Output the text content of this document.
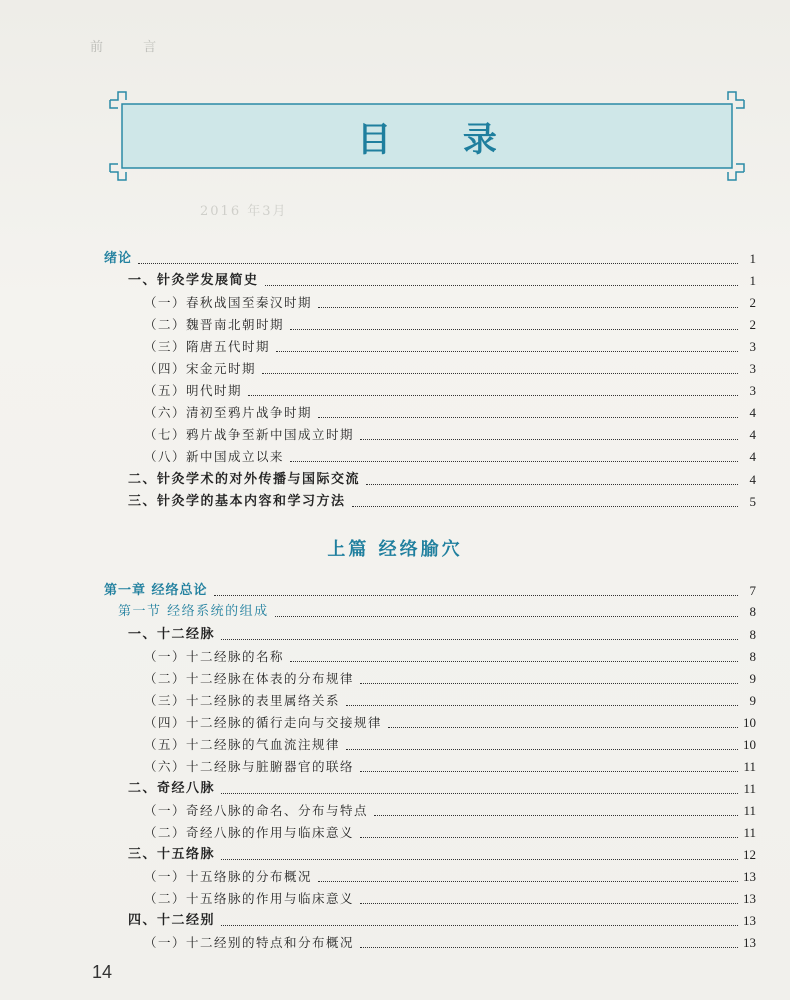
前 言
2016 年3月
目 录
绪论	1
一、针灸学发展简史	1
（一）春秋战国至秦汉时期	2
（二）魏晋南北朝时期	2
（三）隋唐五代时期	3
（四）宋金元时期	3
（五）明代时期	3
（六）清初至鸦片战争时期	4
（七）鸦片战争至新中国成立时期	4
（八）新中国成立以来	4
二、针灸学术的对外传播与国际交流	4
三、针灸学的基本内容和学习方法	5
上篇 经络腧穴
第一章 经络总论	7
第一节 经络系统的组成	8
一、十二经脉	8
（一）十二经脉的名称	8
（二）十二经脉在体表的分布规律	9
（三）十二经脉的表里属络关系	9
（四）十二经脉的循行走向与交接规律	10
（五）十二经脉的气血流注规律	10
（六）十二经脉与脏腑器官的联络	11
二、奇经八脉	11
（一）奇经八脉的命名、分布与特点	11
（二）奇经八脉的作用与临床意义	11
三、十五络脉	12
（一）十五络脉的分布概况	13
（二）十五络脉的作用与临床意义	13
四、十二经别	13
（一）十二经别的特点和分布概况	13
14
